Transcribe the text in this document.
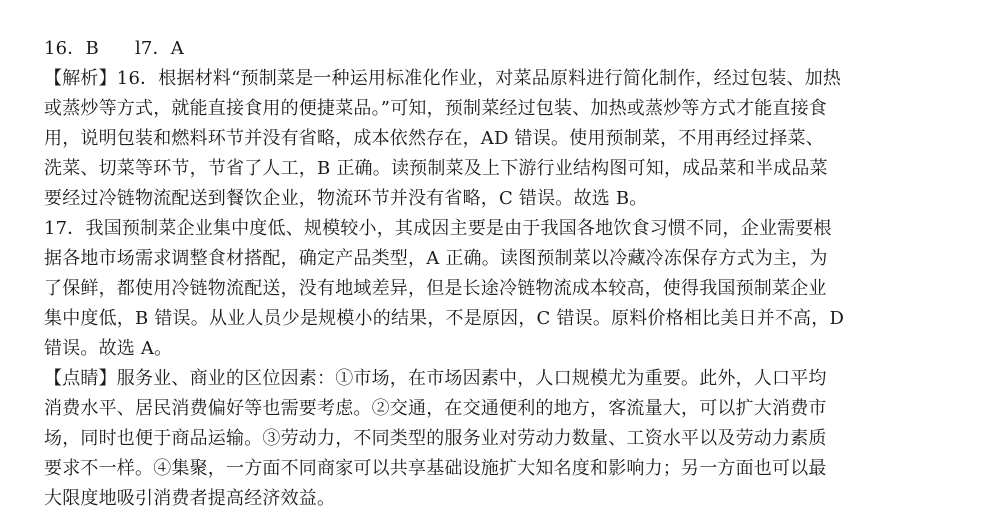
16．B l7．A
【解析】16．根据材料“预制菜是一种运用标准化作业，对菜品原料进行简化制作，经过包装、加热
或蒸炒等方式，就能直接食用的便捷菜品。”可知，预制菜经过包装、加热或蒸炒等方式才能直接食
用，说明包装和燃料环节并没有省略，成本依然存在，AD 错误。使用预制菜，不用再经过择菜、
洗菜、切菜等环节，节省了人工，B 正确。读预制菜及上下游行业结构图可知，成品菜和半成品菜
要经过冷链物流配送到餐饮企业，物流环节并没有省略，C 错误。故选 B。
17．我国预制菜企业集中度低、规模较小，其成因主要是由于我国各地饮食习惯不同，企业需要根
据各地市场需求调整食材搭配，确定产品类型，A 正确。读图预制菜以冷藏冷冻保存方式为主，为
了保鲜，都使用冷链物流配送，没有地域差异，但是长途冷链物流成本较高，使得我国预制菜企业
集中度低，B 错误。从业人员少是规模小的结果，不是原因，C 错误。原料价格相比美日并不高，D
错误。故选 A。
【点睛】服务业、商业的区位因素：①市场，在市场因素中，人口规模尤为重要。此外，人口平均
消费水平、居民消费偏好等也需要考虑。②交通，在交通便利的地方，客流量大，可以扩大消费市
场，同时也便于商品运输。③劳动力，不同类型的服务业对劳动力数量、工资水平以及劳动力素质
要求不一样。④集聚，一方面不同商家可以共享基础设施扩大知名度和影响力；另一方面也可以最
大限度地吸引消费者提高经济效益。
